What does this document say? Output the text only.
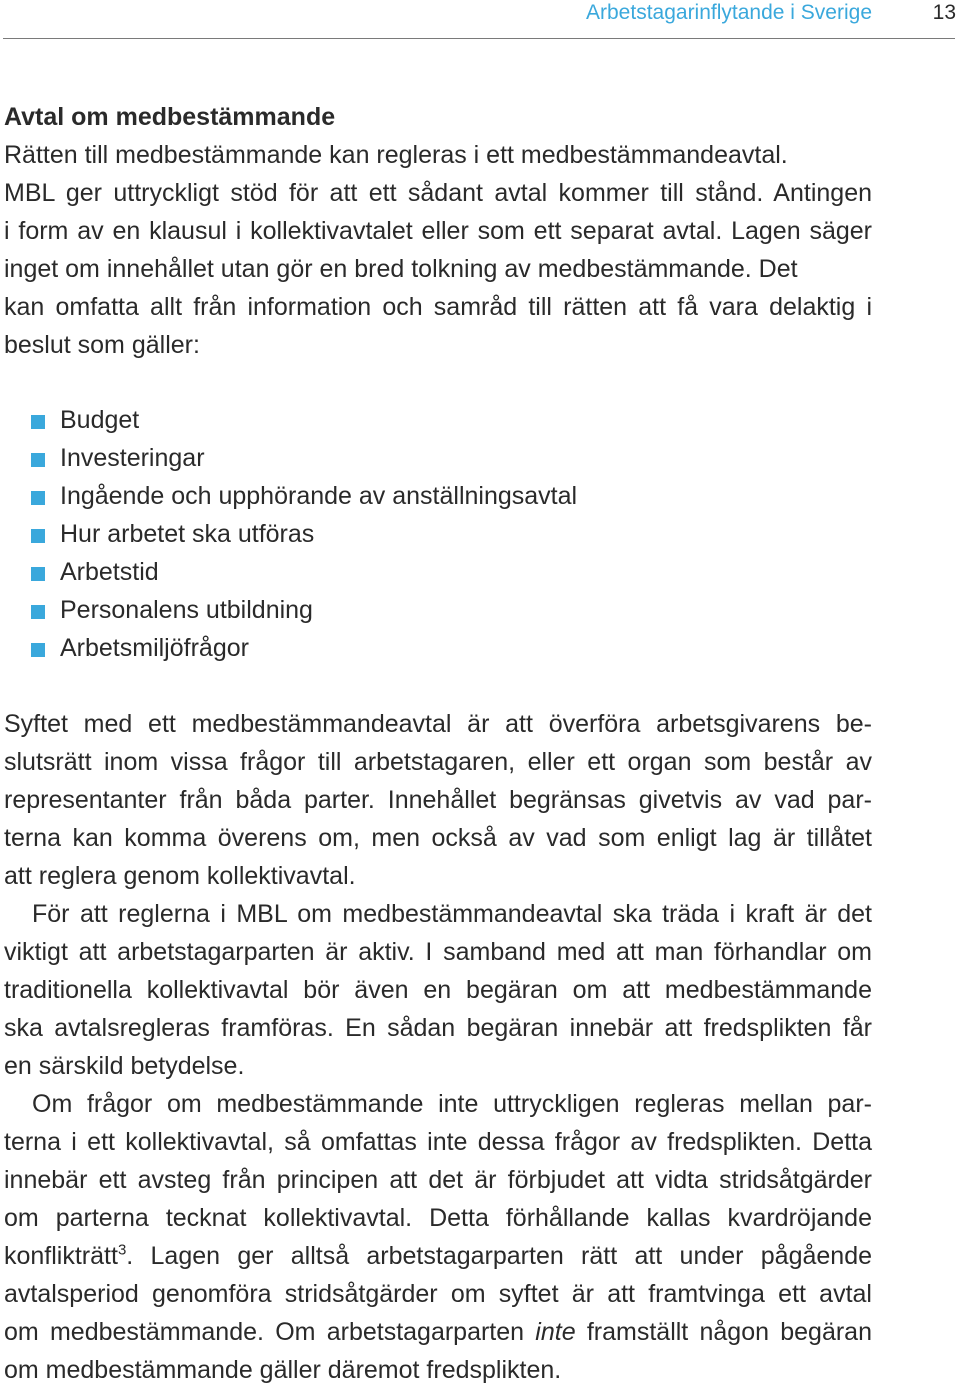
Arbetstagarinflytande i Sverige	13
Avtal om medbestämmande
Rätten till medbestämmande kan regleras i ett medbestämmandeavtal.
MBL ger uttryckligt stöd för att ett sådant avtal kommer till stånd. Antingen
i form av en klausul i kollektivavtalet eller som ett separat avtal. Lagen säger
inget om innehållet utan gör en bred tolkning av medbestämmande. Det
kan omfatta allt från information och samråd till rätten att få vara delaktig i
beslut som gäller:
Budget
Investeringar
Ingående och upphörande av anställningsavtal
Hur arbetet ska utföras
Arbetstid
Personalens utbildning
Arbetsmiljöfrågor
Syftet med ett medbestämmandeavtal är att överföra arbetsgivarens be-
slutsrätt inom vissa frågor till arbetstagaren, eller ett organ som består av
representanter från båda parter. Innehållet begränsas givetvis av vad par-
terna kan komma överens om, men också av vad som enligt lag är tillåtet
att reglera genom kollektivavtal.
För att reglerna i MBL om medbestämmandeavtal ska träda i kraft är det
viktigt att arbetstagarparten är aktiv. I samband med att man förhandlar om
traditionella kollektivavtal bör även en begäran om att medbestämmande
ska avtalsregleras framföras. En sådan begäran innebär att fredsplikten får
en särskild betydelse.
Om frågor om medbestämmande inte uttryckligen regleras mellan par-
terna i ett kollektivavtal, så omfattas inte dessa frågor av fredsplikten. Detta
innebär ett avsteg från principen att det är förbjudet att vidta stridsåtgärder
om parterna tecknat kollektivavtal. Detta förhållande kallas kvardröjande
konflikträtt$^3$. Lagen ger alltså arbetstagarparten rätt att under pågående
avtalsperiod genomföra stridsåtgärder om syftet är att framtvinga ett avtal
om medbestämmande. Om arbetstagarparten inte framställt någon begäran
om medbestämmande gäller däremot fredsplikten.
